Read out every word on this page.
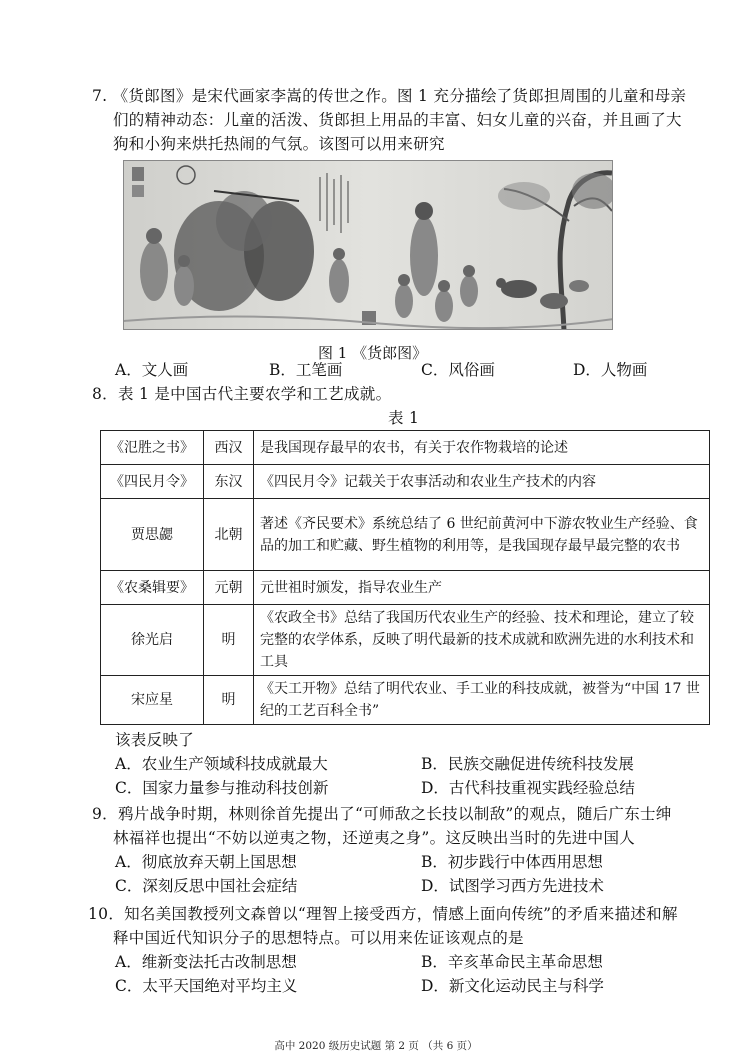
7. 《货郎图》是宋代画家李嵩的传世之作。图 1 充分描绘了货郎担周围的儿童和母亲
们的精神动态：儿童的活泼、货郎担上用品的丰富、妇女儿童的兴奋，并且画了大
狗和小狗来烘托热闹的气氛。该图可以用来研究
图 1 《货郎图》
A．文人画	B．工笔画	C．风俗画	D．人物画
8．表 1 是中国古代主要农学和工艺成就。
表 1
《氾胜之书》	西汉	是我国现存最早的农书，有关于农作物栽培的论述
《四民月令》	东汉	《四民月令》记载关于农事活动和农业生产技术的内容
贾思勰	北朝	著述《齐民要术》系统总结了 6 世纪前黄河中下游农牧业生产经验、食品的加工和贮藏、野生植物的利用等，是我国现存最早最完整的农书
《农桑辑要》	元朝	元世祖时颁发，指导农业生产
徐光启	明	《农政全书》总结了我国历代农业生产的经验、技术和理论，建立了较完整的农学体系，反映了明代最新的技术成就和欧洲先进的水利技术和工具
宋应星	明	《天工开物》总结了明代农业、手工业的科技成就，被誉为“中国 17 世纪的工艺百科全书”
该表反映了
A．农业生产领域科技成就最大	B．民族交融促进传统科技发展
C．国家力量参与推动科技创新	D．古代科技重视实践经验总结
9．鸦片战争时期，林则徐首先提出了“可师敌之长技以制敌”的观点，随后广东士绅
林福祥也提出“不妨以逆夷之物，还逆夷之身”。这反映出当时的先进中国人
A．彻底放弃天朝上国思想	B．初步践行中体西用思想
C．深刻反思中国社会症结	D．试图学习西方先进技术
10．知名美国教授列文森曾以“理智上接受西方，情感上面向传统”的矛盾来描述和解
释中国近代知识分子的思想特点。可以用来佐证该观点的是
A．维新变法托古改制思想	B．辛亥革命民主革命思想
C．太平天国绝对平均主义	D．新文化运动民主与科学
高中 2020 级历史试题 第 2 页 （共 6 页）
